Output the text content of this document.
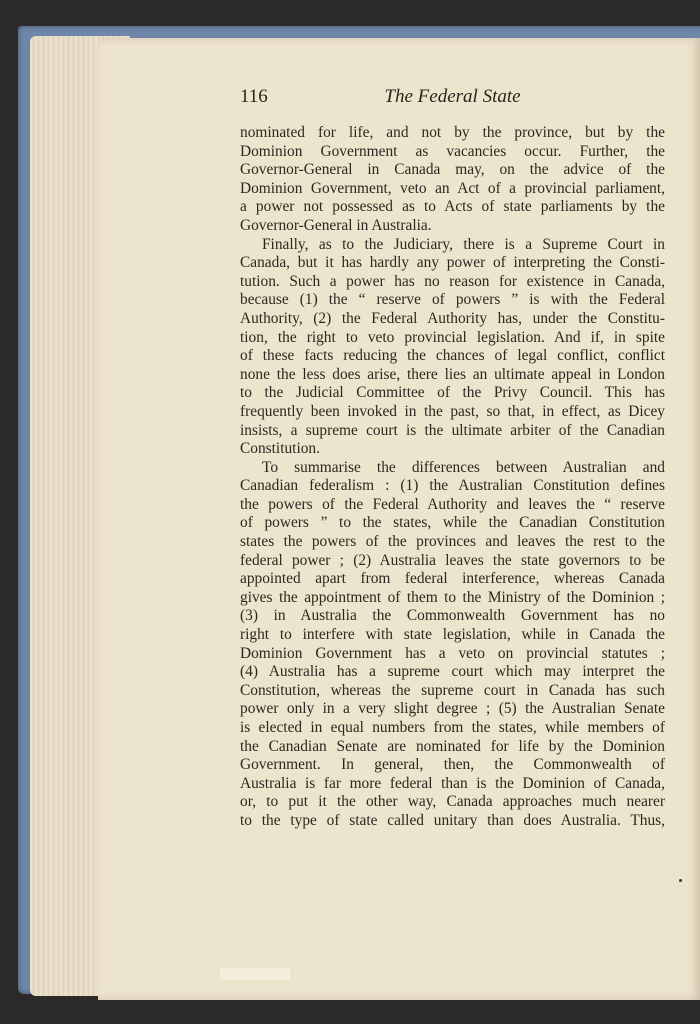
116	The Federal State
nominated for life, and not by the province, but by the
Dominion Government as vacancies occur. Further, the
Governor-General in Canada may, on the advice of the
Dominion Government, veto an Act of a provincial parliament,
a power not possessed as to Acts of state parliaments by the
Governor-General in Australia.
Finally, as to the Judiciary, there is a Supreme Court in
Canada, but it has hardly any power of interpreting the Consti-
tution. Such a power has no reason for existence in Canada,
because (1) the “ reserve of powers ” is with the Federal
Authority, (2) the Federal Authority has, under the Constitu-
tion, the right to veto provincial legislation. And if, in spite
of these facts reducing the chances of legal conflict, conflict
none the less does arise, there lies an ultimate appeal in London
to the Judicial Committee of the Privy Council. This has
frequently been invoked in the past, so that, in effect, as Dicey
insists, a supreme court is the ultimate arbiter of the Canadian
Constitution.
To summarise the differences between Australian and
Canadian federalism : (1) the Australian Constitution defines
the powers of the Federal Authority and leaves the “ reserve
of powers ” to the states, while the Canadian Constitution
states the powers of the provinces and leaves the rest to the
federal power ; (2) Australia leaves the state governors to be
appointed apart from federal interference, whereas Canada
gives the appointment of them to the Ministry of the Dominion ;
(3) in Australia the Commonwealth Government has no
right to interfere with state legislation, while in Canada the
Dominion Government has a veto on provincial statutes ;
(4) Australia has a supreme court which may interpret the
Constitution, whereas the supreme court in Canada has such
power only in a very slight degree ; (5) the Australian Senate
is elected in equal numbers from the states, while members of
the Canadian Senate are nominated for life by the Dominion
Government. In general, then, the Commonwealth of
Australia is far more federal than is the Dominion of Canada,
or, to put it the other way, Canada approaches much nearer
to the type of state called unitary than does Australia. Thus,
